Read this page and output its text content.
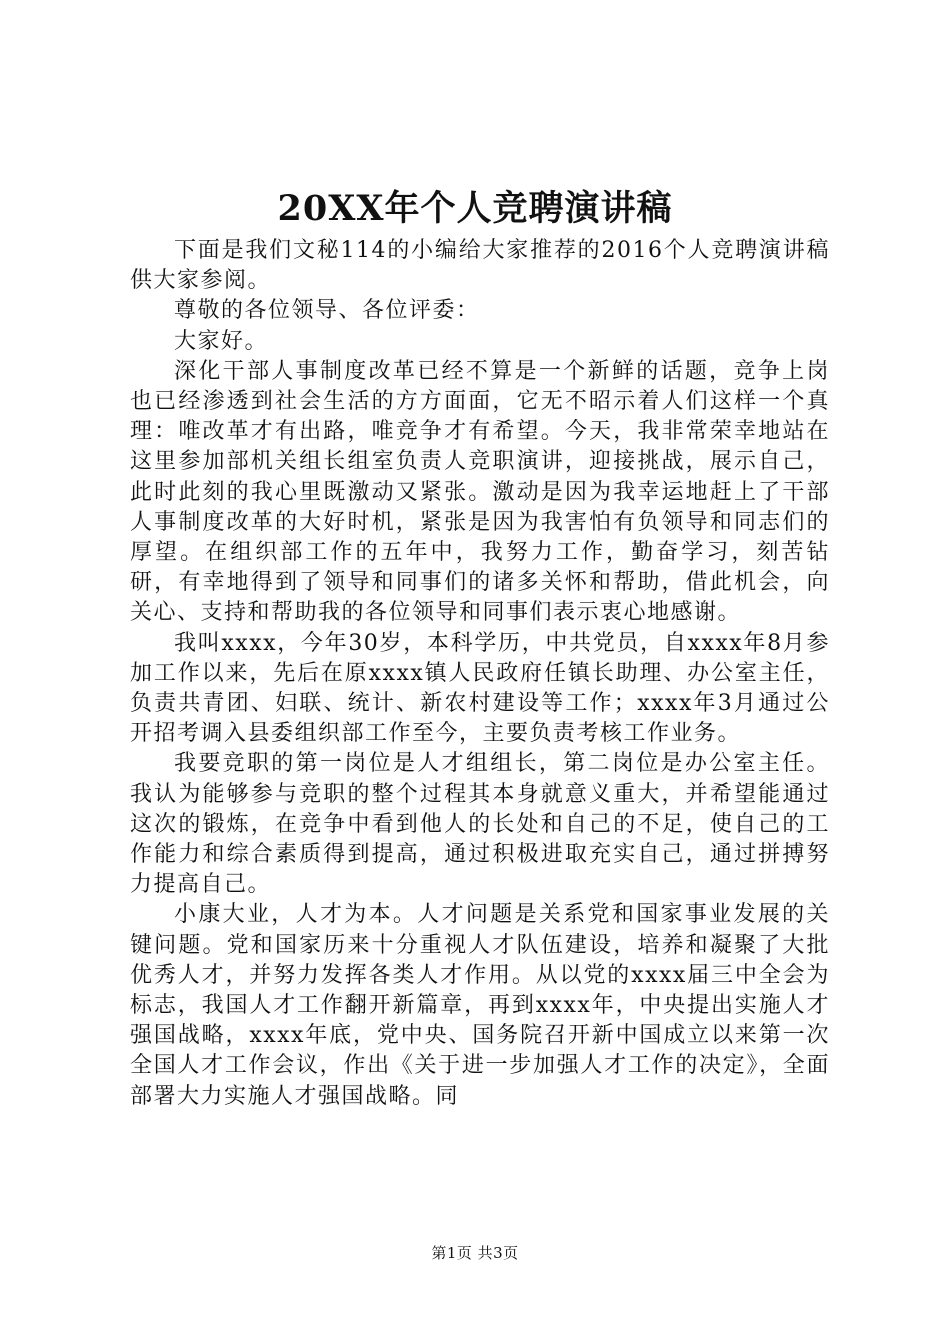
20XX年个人竞聘演讲稿

下面是我们文秘114的小编给大家推荐的2016个人竞聘演讲稿供大家参阅。

尊敬的各位领导、各位评委：

大家好。

深化干部人事制度改革已经不算是一个新鲜的话题，竞争上岗也已经渗透到社会生活的方方面面，它无不昭示着人们这样一个真理：唯改革才有出路，唯竞争才有希望。今天，我非常荣幸地站在这里参加部机关组长组室负责人竞职演讲，迎接挑战，展示自己，此时此刻的我心里既激动又紧张。激动是因为我幸运地赶上了干部人事制度改革的大好时机，紧张是因为我害怕有负领导和同志们的厚望。在组织部工作的五年中，我努力工作，勤奋学习，刻苦钻研，有幸地得到了领导和同事们的诸多关怀和帮助，借此机会，向关心、支持和帮助我的各位领导和同事们表示衷心地感谢。

我叫xxxx，今年30岁，本科学历，中共党员，自xxxx年8月参加工作以来，先后在原xxxx镇人民政府任镇长助理、办公室主任，负责共青团、妇联、统计、新农村建设等工作；xxxx年3月通过公开招考调入县委组织部工作至今，主要负责考核工作业务。

我要竞职的第一岗位是人才组组长，第二岗位是办公室主任。我认为能够参与竞职的整个过程其本身就意义重大，并希望能通过这次的锻炼，在竞争中看到他人的长处和自己的不足，使自己的工作能力和综合素质得到提高，通过积极进取充实自己，通过拼搏努力提高自己。

小康大业，人才为本。人才问题是关系党和国家事业发展的关键问题。党和国家历来十分重视人才队伍建设，培养和凝聚了大批优秀人才，并努力发挥各类人才作用。从以党的xxxx届三中全会为标志，我国人才工作翻开新篇章，再到xxxx年，中央提出实施人才强国战略，xxxx年底，党中央、国务院召开新中国成立以来第一次全国人才工作会议，作出《关于进一步加强人才工作的决定》，全面部署大力实施人才强国战略。同

第1页 共3页
